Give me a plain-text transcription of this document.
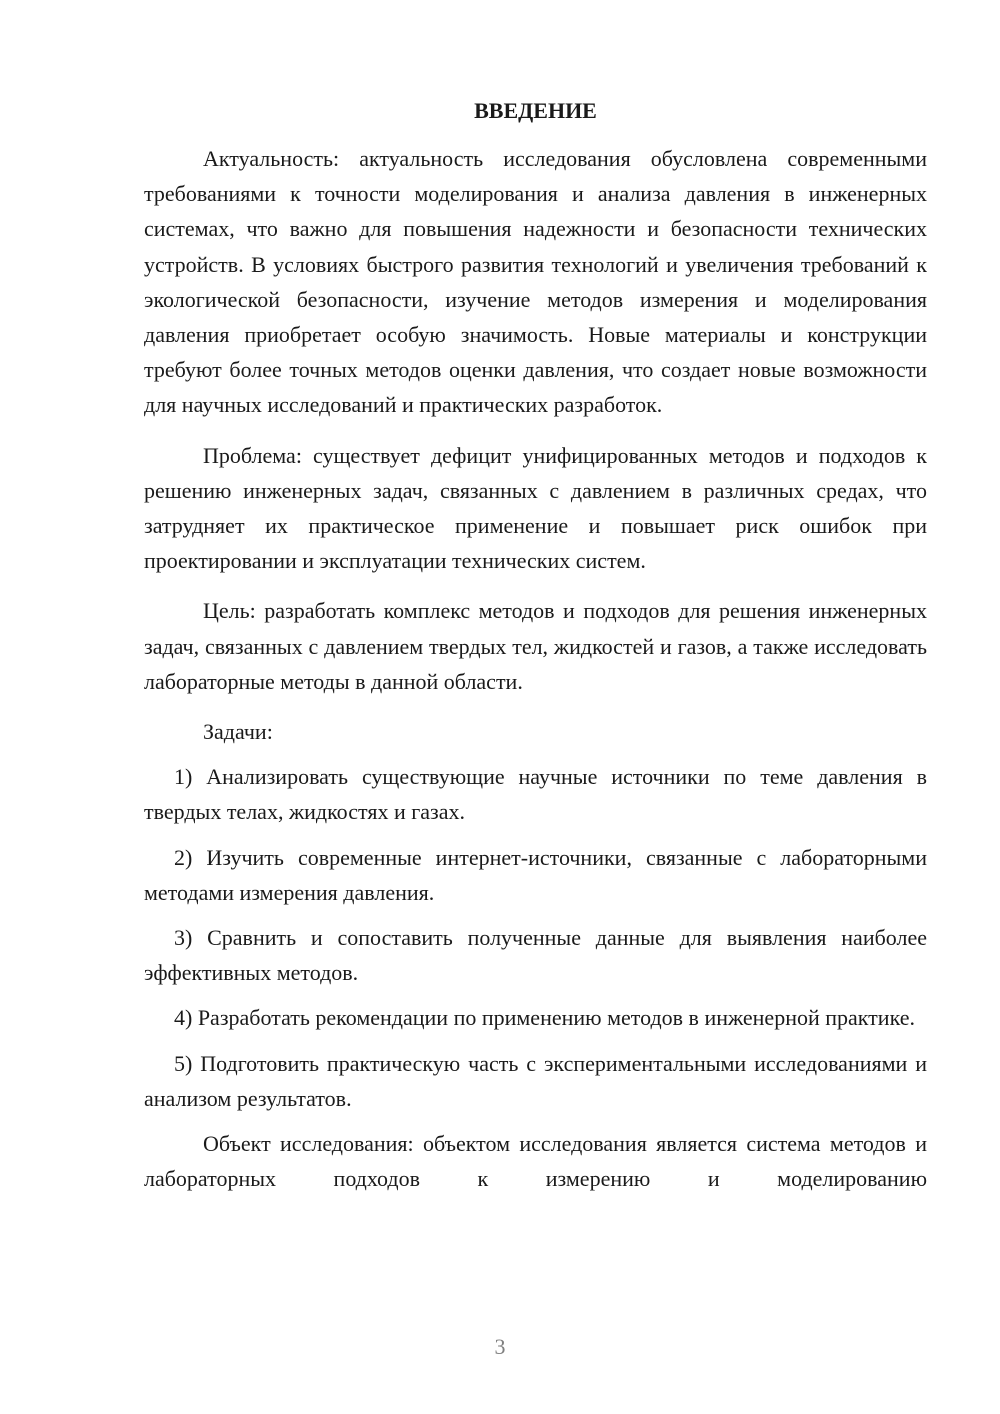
ВВЕДЕНИЕ

Актуальность: актуальность исследования обусловлена современными требованиями к точности моделирования и анализа давления в инженерных системах, что важно для повышения надежности и безопасности технических устройств. В условиях быстрого развития технологий и увеличения требований к экологической безопасности, изучение методов измерения и моделирования давления приобретает особую значимость. Новые материалы и конструкции требуют более точных методов оценки давления, что создает новые возможности для научных исследований и практических разработок.

Проблема: существует дефицит унифицированных методов и подходов к решению инженерных задач, связанных с давлением в различных средах, что затрудняет их практическое применение и повышает риск ошибок при проектировании и эксплуатации технических систем.

Цель: разработать комплекс методов и подходов для решения инженерных задач, связанных с давлением твердых тел, жидкостей и газов, а также исследовать лабораторные методы в данной области.

Задачи:

1) Анализировать существующие научные источники по теме давления в твердых телах, жидкостях и газах.

2) Изучить современные интернет-источники, связанные с лабораторными методами измерения давления.

3) Сравнить и сопоставить полученные данные для выявления наиболее эффективных методов.

4) Разработать рекомендации по применению методов в инженерной практике.

5) Подготовить практическую часть с экспериментальными исследованиями и анализом результатов.

Объект исследования: объектом исследования является система методов и лабораторных подходов к измерению и моделированию

3
